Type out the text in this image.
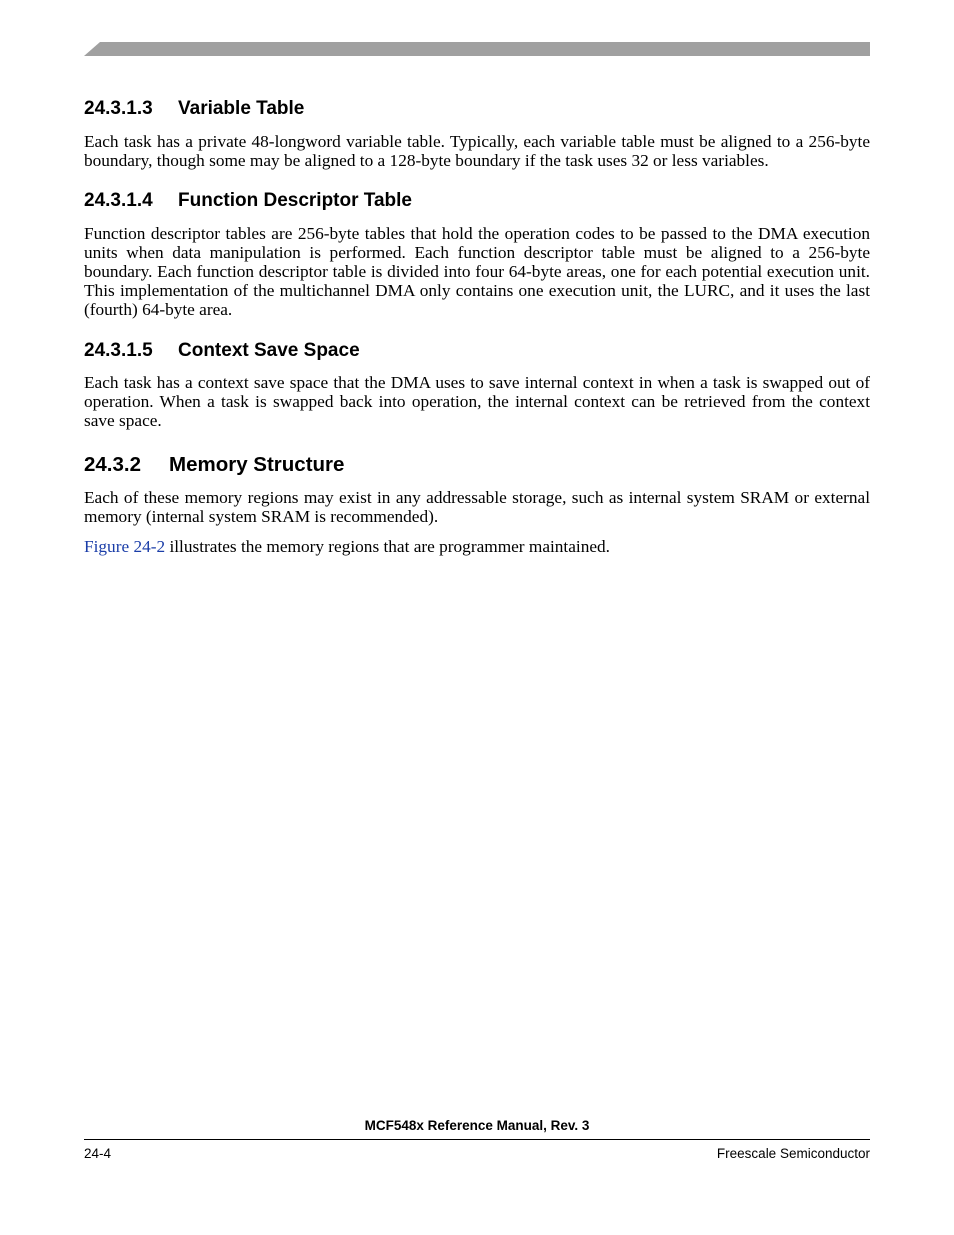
24.3.1.3 Variable Table

Each task has a private 48-longword variable table. Typically, each variable table must be aligned to a 256-byte boundary, though some may be aligned to a 128-byte boundary if the task uses 32 or less variables.

24.3.1.4 Function Descriptor Table

Function descriptor tables are 256-byte tables that hold the operation codes to be passed to the DMA execution units when data manipulation is performed. Each function descriptor table must be aligned to a 256-byte boundary. Each function descriptor table is divided into four 64-byte areas, one for each potential execution unit. This implementation of the multichannel DMA only contains one execution unit, the LURC, and it uses the last (fourth) 64-byte area.

24.3.1.5 Context Save Space

Each task has a context save space that the DMA uses to save internal context in when a task is swapped out of operation. When a task is swapped back into operation, the internal context can be retrieved from the context save space.

24.3.2 Memory Structure

Each of these memory regions may exist in any addressable storage, such as internal system SRAM or external memory (internal system SRAM is recommended).

Figure 24-2 illustrates the memory regions that are programmer maintained.

MCF548x Reference Manual, Rev. 3
24-4	Freescale Semiconductor
